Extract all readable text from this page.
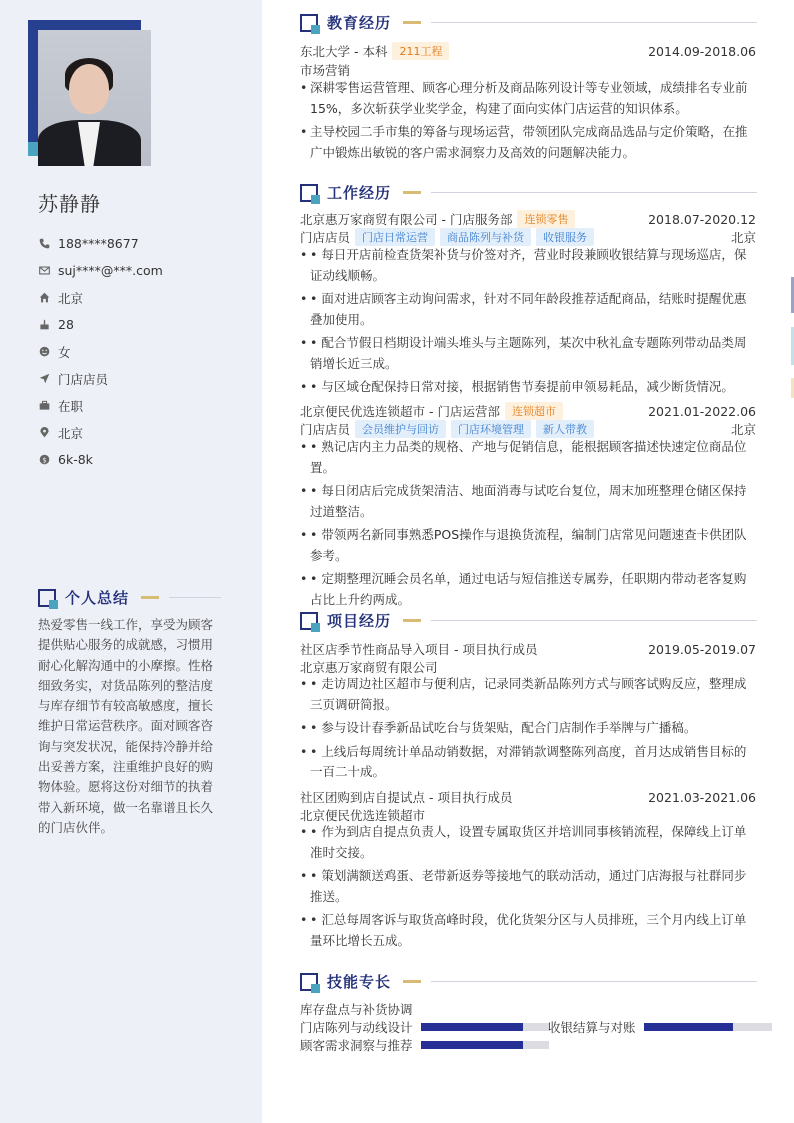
苏静静
188****8677
suj****@***.com
北京
28
女
门店店员
在职
北京
$ 6k-8k
个人总结
热爱零售一线工作，享受为顾客提供贴心服务的成就感，习惯用耐心化解沟通中的小摩擦。性格细致务实，对货品陈列的整洁度与库存细节有较高敏感度，擅长维护日常运营秩序。面对顾客咨询与突发状况，能保持冷静并给出妥善方案，注重维护良好的购物体验。愿将这份对细节的执着带入新环境，做一名靠谱且长久的门店伙伴。
教育经历
东北大学 - 本科	211工程	2014.09-2018.06
市场营销
• 深耕零售运营管理、顾客心理分析及商品陈列设计等专业领域，成绩排名专业前15%，多次斩获学业奖学金，构建了面向实体门店运营的知识体系。
• 主导校园二手市集的筹备与现场运营，带领团队完成商品选品与定价策略，在推广中锻炼出敏锐的客户需求洞察力及高效的问题解决能力。
工作经历
北京惠万家商贸有限公司 - 门店服务部	连锁零售	2018.07-2020.12
门店店员	门店日常运营	商品陈列与补货	收银服务	北京
• • 每日开店前检查货架补货与价签对齐，营业时段兼顾收银结算与现场巡店，保证动线顺畅。
• • 面对进店顾客主动询问需求，针对不同年龄段推荐适配商品，结账时提醒优惠叠加使用。
• • 配合节假日档期设计端头堆头与主题陈列，某次中秋礼盒专题陈列带动品类周销增长近三成。
• • 与区域仓配保持日常对接，根据销售节奏提前申领易耗品，减少断货情况。
北京便民优选连锁超市 - 门店运营部	连锁超市	2021.01-2022.06
门店店员	会员维护与回访	门店环境管理	新人带教	北京
• • 熟记店内主力品类的规格、产地与促销信息，能根据顾客描述快速定位商品位置。
• • 每日闭店后完成货架清洁、地面消毒与试吃台复位，周末加班整理仓储区保持过道整洁。
• • 带领两名新同事熟悉POS操作与退换货流程，编制门店常见问题速查卡供团队参考。
• • 定期整理沉睡会员名单，通过电话与短信推送专属券，任职期内带动老客复购占比上升约两成。
项目经历
社区店季节性商品导入项目 - 项目执行成员	2019.05-2019.07
北京惠万家商贸有限公司
• • 走访周边社区超市与便利店，记录同类新品陈列方式与顾客试购反应，整理成三页调研简报。
• • 参与设计春季新品试吃台与货架贴，配合门店制作手举牌与广播稿。
• • 上线后每周统计单品动销数据，对滞销款调整陈列高度，首月达成销售目标的一百二十成。
社区团购到店自提试点 - 项目执行成员	2021.03-2021.06
北京便民优选连锁超市
• • 作为到店自提点负责人，设置专属取货区并培训同事核销流程，保障线上订单准时交接。
• • 策划满额送鸡蛋、老带新返券等接地气的联动活动，通过门店海报与社群同步推送。
• • 汇总每周客诉与取货高峰时段，优化货架分区与人员排班，三个月内线上订单量环比增长五成。
技能专长
库存盘点与补货协调
门店陈列与动线设计	收银结算与对账
顾客需求洞察与推荐
